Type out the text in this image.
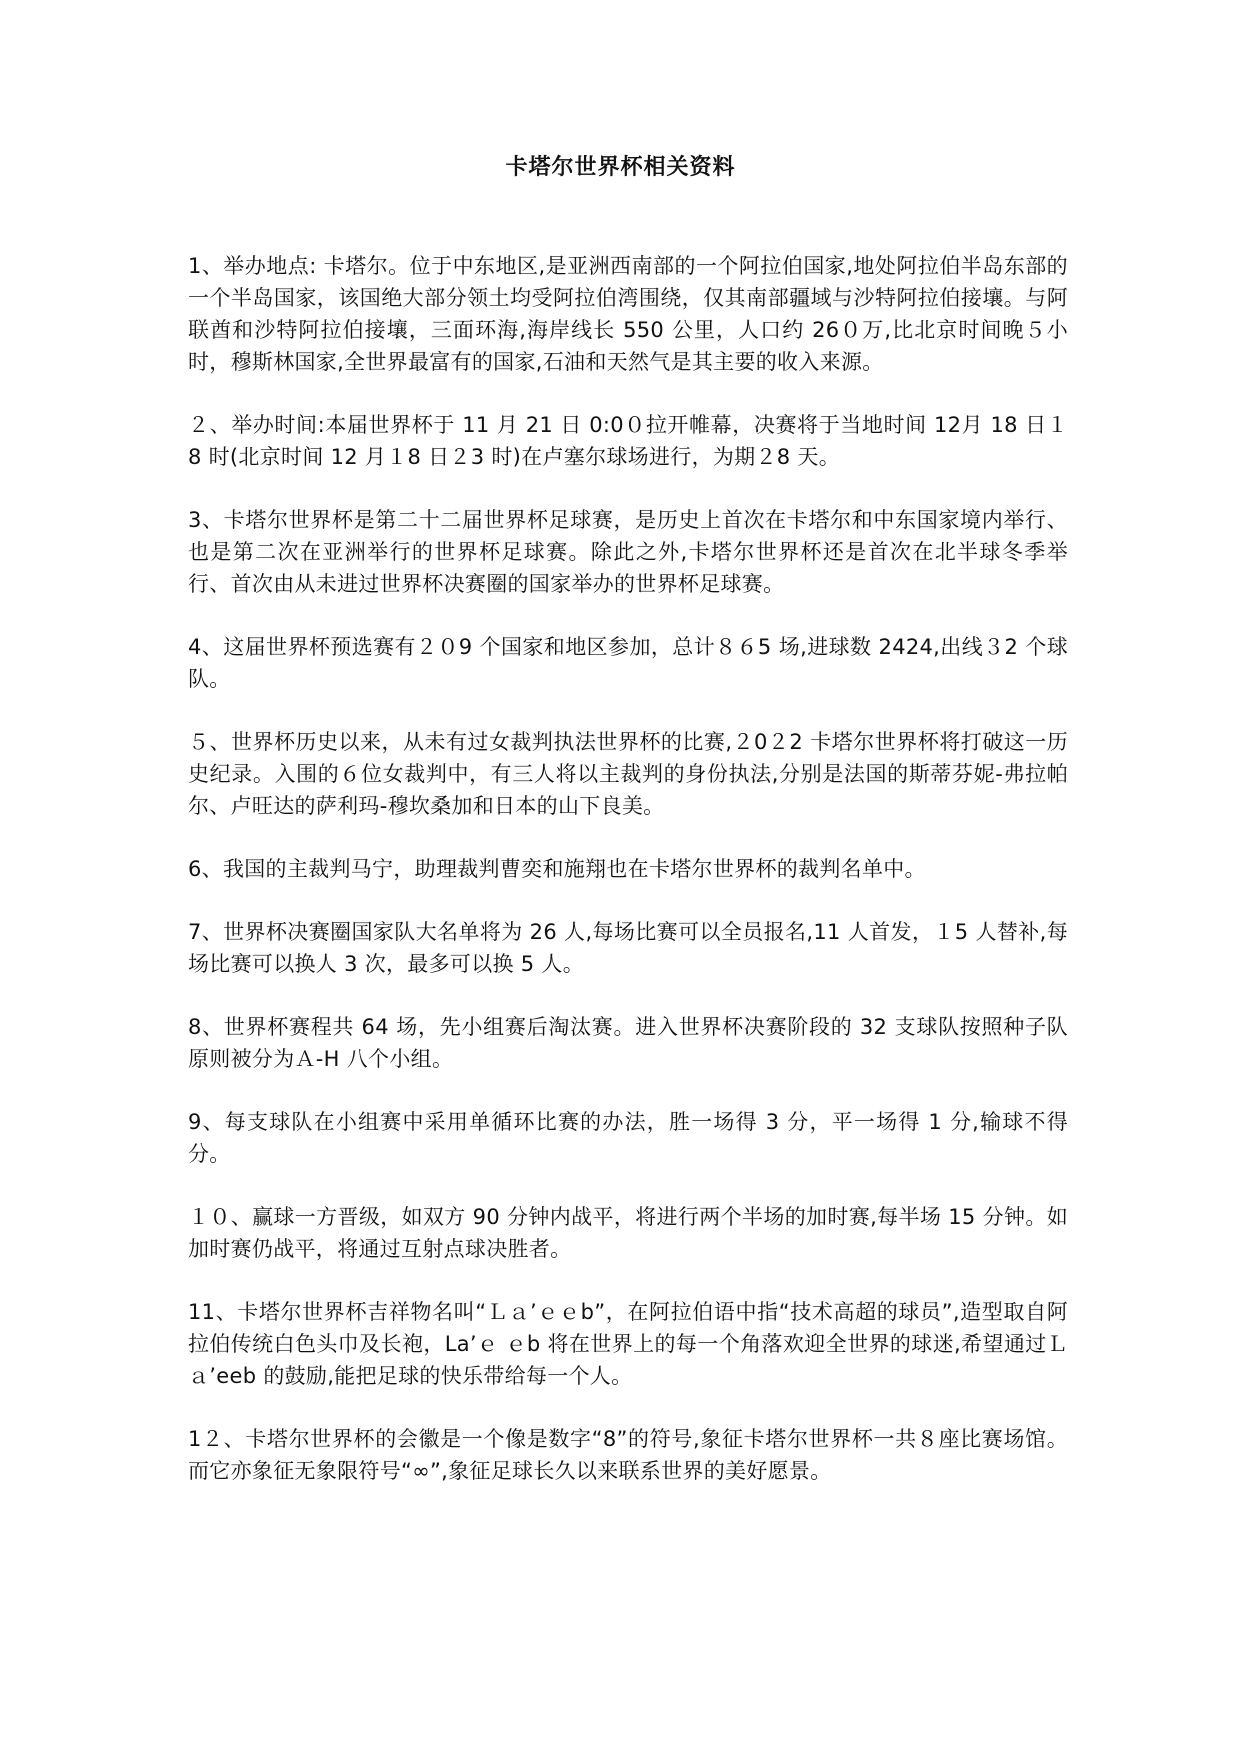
卡塔尔世界杯相关资料

1、举办地点: 卡塔尔。位于中东地区,是亚洲西南部的一个阿拉伯国家,地处阿拉伯半岛东部的一个半岛国家，该国绝大部分领土均受阿拉伯湾围绕，仅其南部疆域与沙特阿拉伯接壤。与阿联酋和沙特阿拉伯接壤，三面环海,海岸线长 550 公里，人口约 26０万,比北京时间晚５小时，穆斯林国家,全世界最富有的国家,石油和天然气是其主要的收入来源。

２、举办时间:本届世界杯于 11 月 21 日 0:0０拉开帷幕，决赛将于当地时间 12月 18 日１8 时(北京时间 12 月１8 日２3 时)在卢塞尔球场进行，为期２8 天。

3、卡塔尔世界杯是第二十二届世界杯足球赛，是历史上首次在卡塔尔和中东国家境内举行、也是第二次在亚洲举行的世界杯足球赛。除此之外,卡塔尔世界杯还是首次在北半球冬季举行、首次由从未进过世界杯决赛圈的国家举办的世界杯足球赛。

4、这届世界杯预选赛有２０9 个国家和地区参加，总计８６5 场,进球数 2424,出线３2 个球队。

５、世界杯历史以来，从未有过女裁判执法世界杯的比赛,２0２2 卡塔尔世界杯将打破这一历史纪录。入围的６位女裁判中，有三人将以主裁判的身份执法,分别是法国的斯蒂芬妮-弗拉帕尔、卢旺达的萨利玛-穆坎桑加和日本的山下良美。

6、我国的主裁判马宁，助理裁判曹奕和施翔也在卡塔尔世界杯的裁判名单中。

7、世界杯决赛圈国家队大名单将为 26 人,每场比赛可以全员报名,11 人首发，１5 人替补,每场比赛可以换人 3 次，最多可以换 5 人。

8、世界杯赛程共 64 场，先小组赛后淘汰赛。进入世界杯决赛阶段的 32 支球队按照种子队原则被分为Ａ-H 八个小组。

9、每支球队在小组赛中采用单循环比赛的办法，胜一场得 3 分，平一场得 1 分,输球不得分。

１０、赢球一方晋级，如双方 90 分钟内战平，将进行两个半场的加时赛,每半场 15 分钟。如加时赛仍战平，将通过互射点球决胜者。

11、卡塔尔世界杯吉祥物名叫“Ｌａ’ｅｅb”，在阿拉伯语中指“技术高超的球员”,造型取自阿拉伯传统白色头巾及长袍，La’ｅ ｅb 将在世界上的每一个角落欢迎全世界的球迷,希望通过Ｌａ’eeb 的鼓励,能把足球的快乐带给每一个人。

1２、卡塔尔世界杯的会徽是一个像是数字“8”的符号,象征卡塔尔世界杯一共８座比赛场馆。而它亦象征无象限符号“∞”,象征足球长久以来联系世界的美好愿景。
